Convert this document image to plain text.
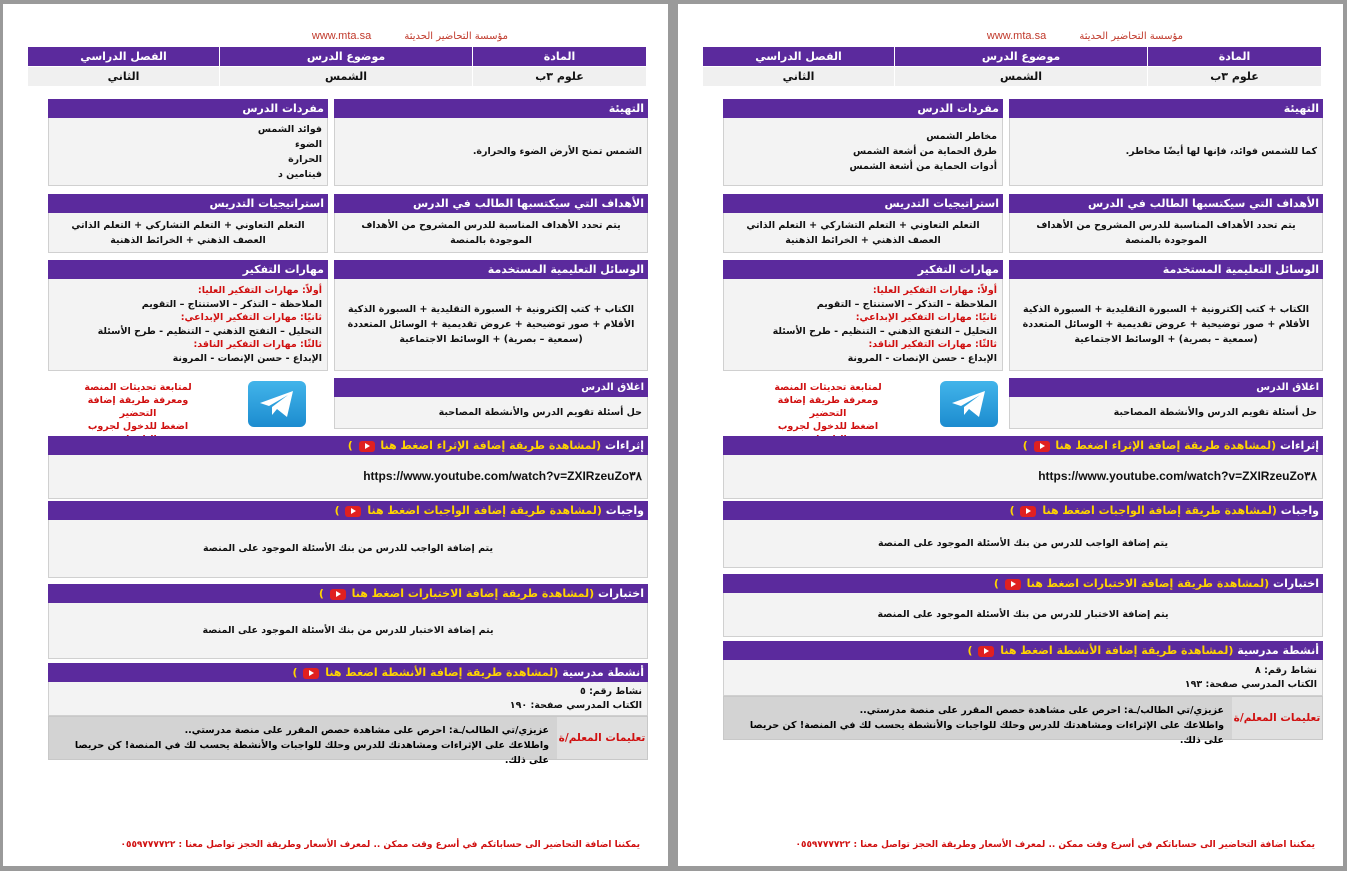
مؤسسة التحاضير الحديثة www.mta.sa
المادة	موضوع الدرس	الفصل الدراسي
علوم ٣ب	الشمس	الثاني
التهيئة
كما للشمس فوائد، فإنها لها أيضًا مخاطر.
مفردات الدرس
مخاطر الشمس
طرق الحماية من أشعة الشمس
أدوات الحماية من أشعة الشمس
الأهداف التي سيكتسبها الطالب في الدرس
يتم تحدد الأهداف المناسبة للدرس المشروح من الأهداف الموجودة بالمنصة
استراتيجيات التدريس
التعلم التعاوني + التعلم التشاركي + التعلم الذاتي
العصف الذهني + الخرائط الذهنية
الوسائل التعليمية المستخدمة
الكتاب + كتب إلكترونية + السبورة التقليدية + السبورة الذكية
الأقلام + صور توضيحية + عروض تقديمية + الوسائل المتعددة
(سمعية – بصرية) + الوسائط الاجتماعية
مهارات التفكير
أولاً: مهارات التفكير العليا:
الملاحظة – التذكر – الاستنتاج – التقويم
ثانيًا: مهارات التفكير الإبداعي:
التحليل – التفتح الذهني – التنظيم - طرح الأسئلة
ثالثًا: مهارات التفكير الناقد:
الإبداع - حسن الإنصات - المرونة
اغلاق الدرس
حل أسئلة تقويم الدرس والأنشطة المصاحبة
لمتابعة تحديثات المنصة
ومعرفة طريقة إضافة التحضير
اضغط للدخول لجروب
إثراءات (لمشاهدة طريقة إضافة الإثراء اضغط هنا  )
https://www.youtube.com/watch?v=ZXIRzeuZo٣٨
واجبات (لمشاهدة طريقة إضافة الواجبات اضغط هنا  )
يتم إضافة الواجب للدرس من بنك الأسئلة الموجود على المنصة
اختبارات (لمشاهدة طريقة إضافة الاختبارات اضغط هنا  )
يتم إضافة الاختبار للدرس من بنك الأسئلة الموجود على المنصة
أنشطة مدرسية (لمشاهدة طريقة إضافة الأنشطة اضغط هنا  )
نشاط رقم: ٨
الكتاب المدرسي صفحة: ١٩٣
تعليمات المعلم/ة
عزيزي/تي الطالب/ـة: احرص على مشاهدة حصص المقرر على منصة مدرستي..
واطلاعك على الإثراءات ومشاهدتك للدرس وحلك للواجبات والأنشطة يحسب لك في المنصة! كن حريصا على ذلك.
يمكننا اضافة التحاضير الى حساباتكم في أسرع وقت ممكن .. لمعرف الأسعار وطريقة الحجز تواصل معنا : ٠٥٥٩٧٧٧٧٢٢
مؤسسة التحاضير الحديثة www.mta.sa
المادة	موضوع الدرس	الفصل الدراسي
علوم ٣ب	الشمس	الثاني
التهيئة
الشمس تمنح الأرض الضوء والحرارة.
مفردات الدرس
فوائد الشمس
الضوء
الحرارة
فيتامين د
الأهداف التي سيكتسبها الطالب في الدرس
يتم تحدد الأهداف المناسبة للدرس المشروح من الأهداف الموجودة بالمنصة
استراتيجيات التدريس
التعلم التعاوني + التعلم التشاركي + التعلم الذاتي
العصف الذهني + الخرائط الذهنية
الوسائل التعليمية المستخدمة
الكتاب + كتب إلكترونية + السبورة التقليدية + السبورة الذكية
الأقلام + صور توضيحية + عروض تقديمية + الوسائل المتعددة
(سمعية – بصرية) + الوسائط الاجتماعية
مهارات التفكير
أولاً: مهارات التفكير العليا:
الملاحظة – التذكر – الاستنتاج – التقويم
ثانيًا: مهارات التفكير الإبداعي:
التحليل – التفتح الذهني – التنظيم - طرح الأسئلة
ثالثًا: مهارات التفكير الناقد:
الإبداع - حسن الإنصات - المرونة
اغلاق الدرس
حل أسئلة تقويم الدرس والأنشطة المصاحبة
لمتابعة تحديثات المنصة
ومعرفة طريقة إضافة التحضير
اضغط للدخول لجروب
إثراءات (لمشاهدة طريقة إضافة الإثراء اضغط هنا  )
https://www.youtube.com/watch?v=ZXIRzeuZo٣٨
واجبات (لمشاهدة طريقة إضافة الواجبات اضغط هنا  )
يتم إضافة الواجب للدرس من بنك الأسئلة الموجود على المنصة
اختبارات (لمشاهدة طريقة إضافة الاختبارات اضغط هنا  )
يتم إضافة الاختبار للدرس من بنك الأسئلة الموجود على المنصة
أنشطة مدرسية (لمشاهدة طريقة إضافة الأنشطة اضغط هنا  )
نشاط رقم: ٥
الكتاب المدرسي صفحة: ١٩٠
تعليمات المعلم/ة
عزيزي/تي الطالب/ـة: احرص على مشاهدة حصص المقرر على منصة مدرستي..
واطلاعك على الإثراءات ومشاهدتك للدرس وحلك للواجبات والأنشطة يحسب لك في المنصة! كن حريصا على ذلك.
يمكننا اضافة التحاضير الى حساباتكم في أسرع وقت ممكن .. لمعرف الأسعار وطريقة الحجز تواصل معنا : ٠٥٥٩٧٧٧٧٢٢
